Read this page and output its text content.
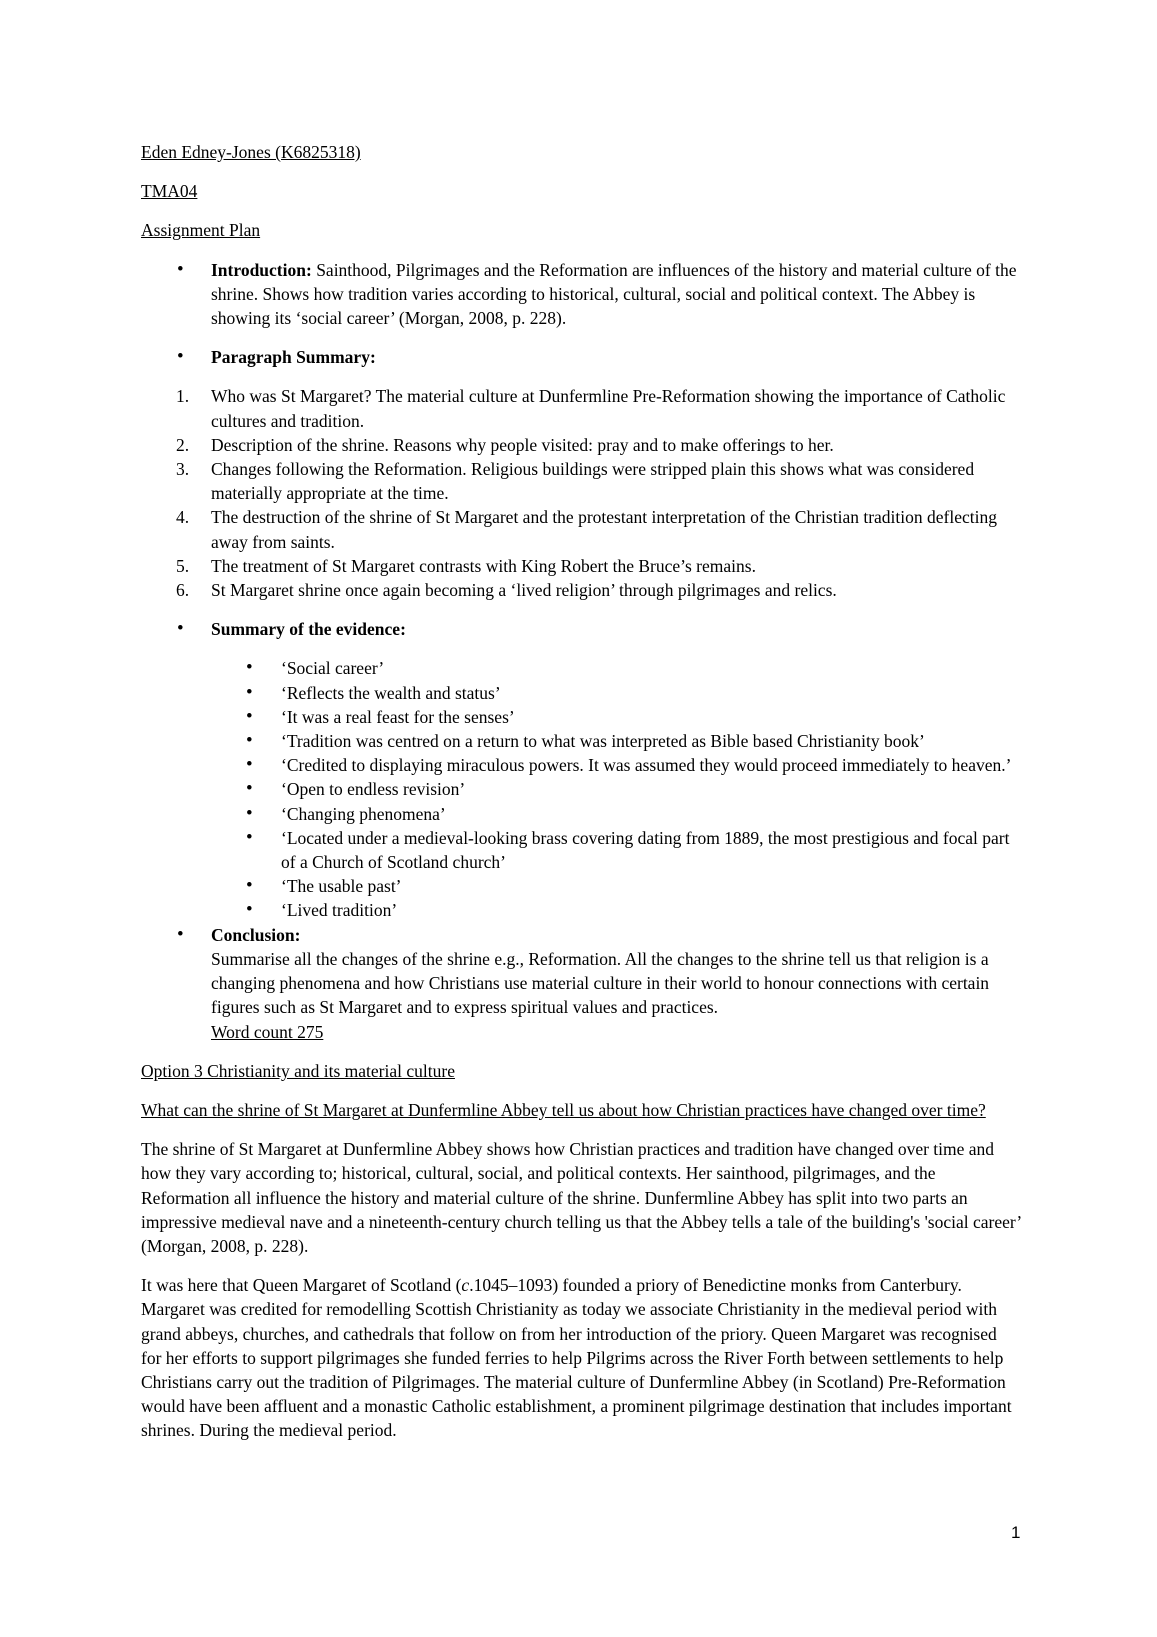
Eden Edney-Jones (K6825318)

TMA04

Assignment Plan

• Introduction: Sainthood, Pilgrimages and the Reformation are influences of the history and material culture of the shrine. Shows how tradition varies according to historical, cultural, social and political context. The Abbey is showing its ‘social career’ (Morgan, 2008, p. 228).
• Paragraph Summary:
1. Who was St Margaret? The material culture at Dunfermline Pre-Reformation showing the importance of Catholic cultures and tradition.
2. Description of the shrine. Reasons why people visited: pray and to make offerings to her.
3. Changes following the Reformation. Religious buildings were stripped plain this shows what was considered materially appropriate at the time.
4. The destruction of the shrine of St Margaret and the protestant interpretation of the Christian tradition deflecting away from saints.
5. The treatment of St Margaret contrasts with King Robert the Bruce’s remains.
6. St Margaret shrine once again becoming a ‘lived religion’ through pilgrimages and relics.
• Summary of the evidence:
• ‘Social career’
• ‘Reflects the wealth and status’
• ‘It was a real feast for the senses’
• ‘Tradition was centred on a return to what was interpreted as Bible based Christianity book’
• ‘Credited to displaying miraculous powers. It was assumed they would proceed immediately to heaven.’
• ‘Open to endless revision’
• ‘Changing phenomena’
• ‘Located under a medieval-looking brass covering dating from 1889, the most prestigious and focal part of a Church of Scotland church’
• ‘The usable past’
• ‘Lived tradition’
• Conclusion:
Summarise all the changes of the shrine e.g., Reformation. All the changes to the shrine tell us that religion is a changing phenomena and how Christians use material culture in their world to honour connections with certain figures such as St Margaret and to express spiritual values and practices.
Word count 275

Option 3 Christianity and its material culture

What can the shrine of St Margaret at Dunfermline Abbey tell us about how Christian practices have changed over time?

The shrine of St Margaret at Dunfermline Abbey shows how Christian practices and tradition have changed over time and how they vary according to; historical, cultural, social, and political contexts. Her sainthood, pilgrimages, and the Reformation all influence the history and material culture of the shrine. Dunfermline Abbey has split into two parts an impressive medieval nave and a nineteenth-century church telling us that the Abbey tells a tale of the building's 'social career’ (Morgan, 2008, p. 228).

It was here that Queen Margaret of Scotland (c.1045–1093) founded a priory of Benedictine monks from Canterbury. Margaret was credited for remodelling Scottish Christianity as today we associate Christianity in the medieval period with grand abbeys, churches, and cathedrals that follow on from her introduction of the priory. Queen Margaret was recognised for her efforts to support pilgrimages she funded ferries to help Pilgrims across the River Forth between settlements to help Christians carry out the tradition of Pilgrimages. The material culture of Dunfermline Abbey (in Scotland) Pre-Reformation would have been affluent and a monastic Catholic establishment, a prominent pilgrimage destination that includes important shrines. During the medieval period.

1
